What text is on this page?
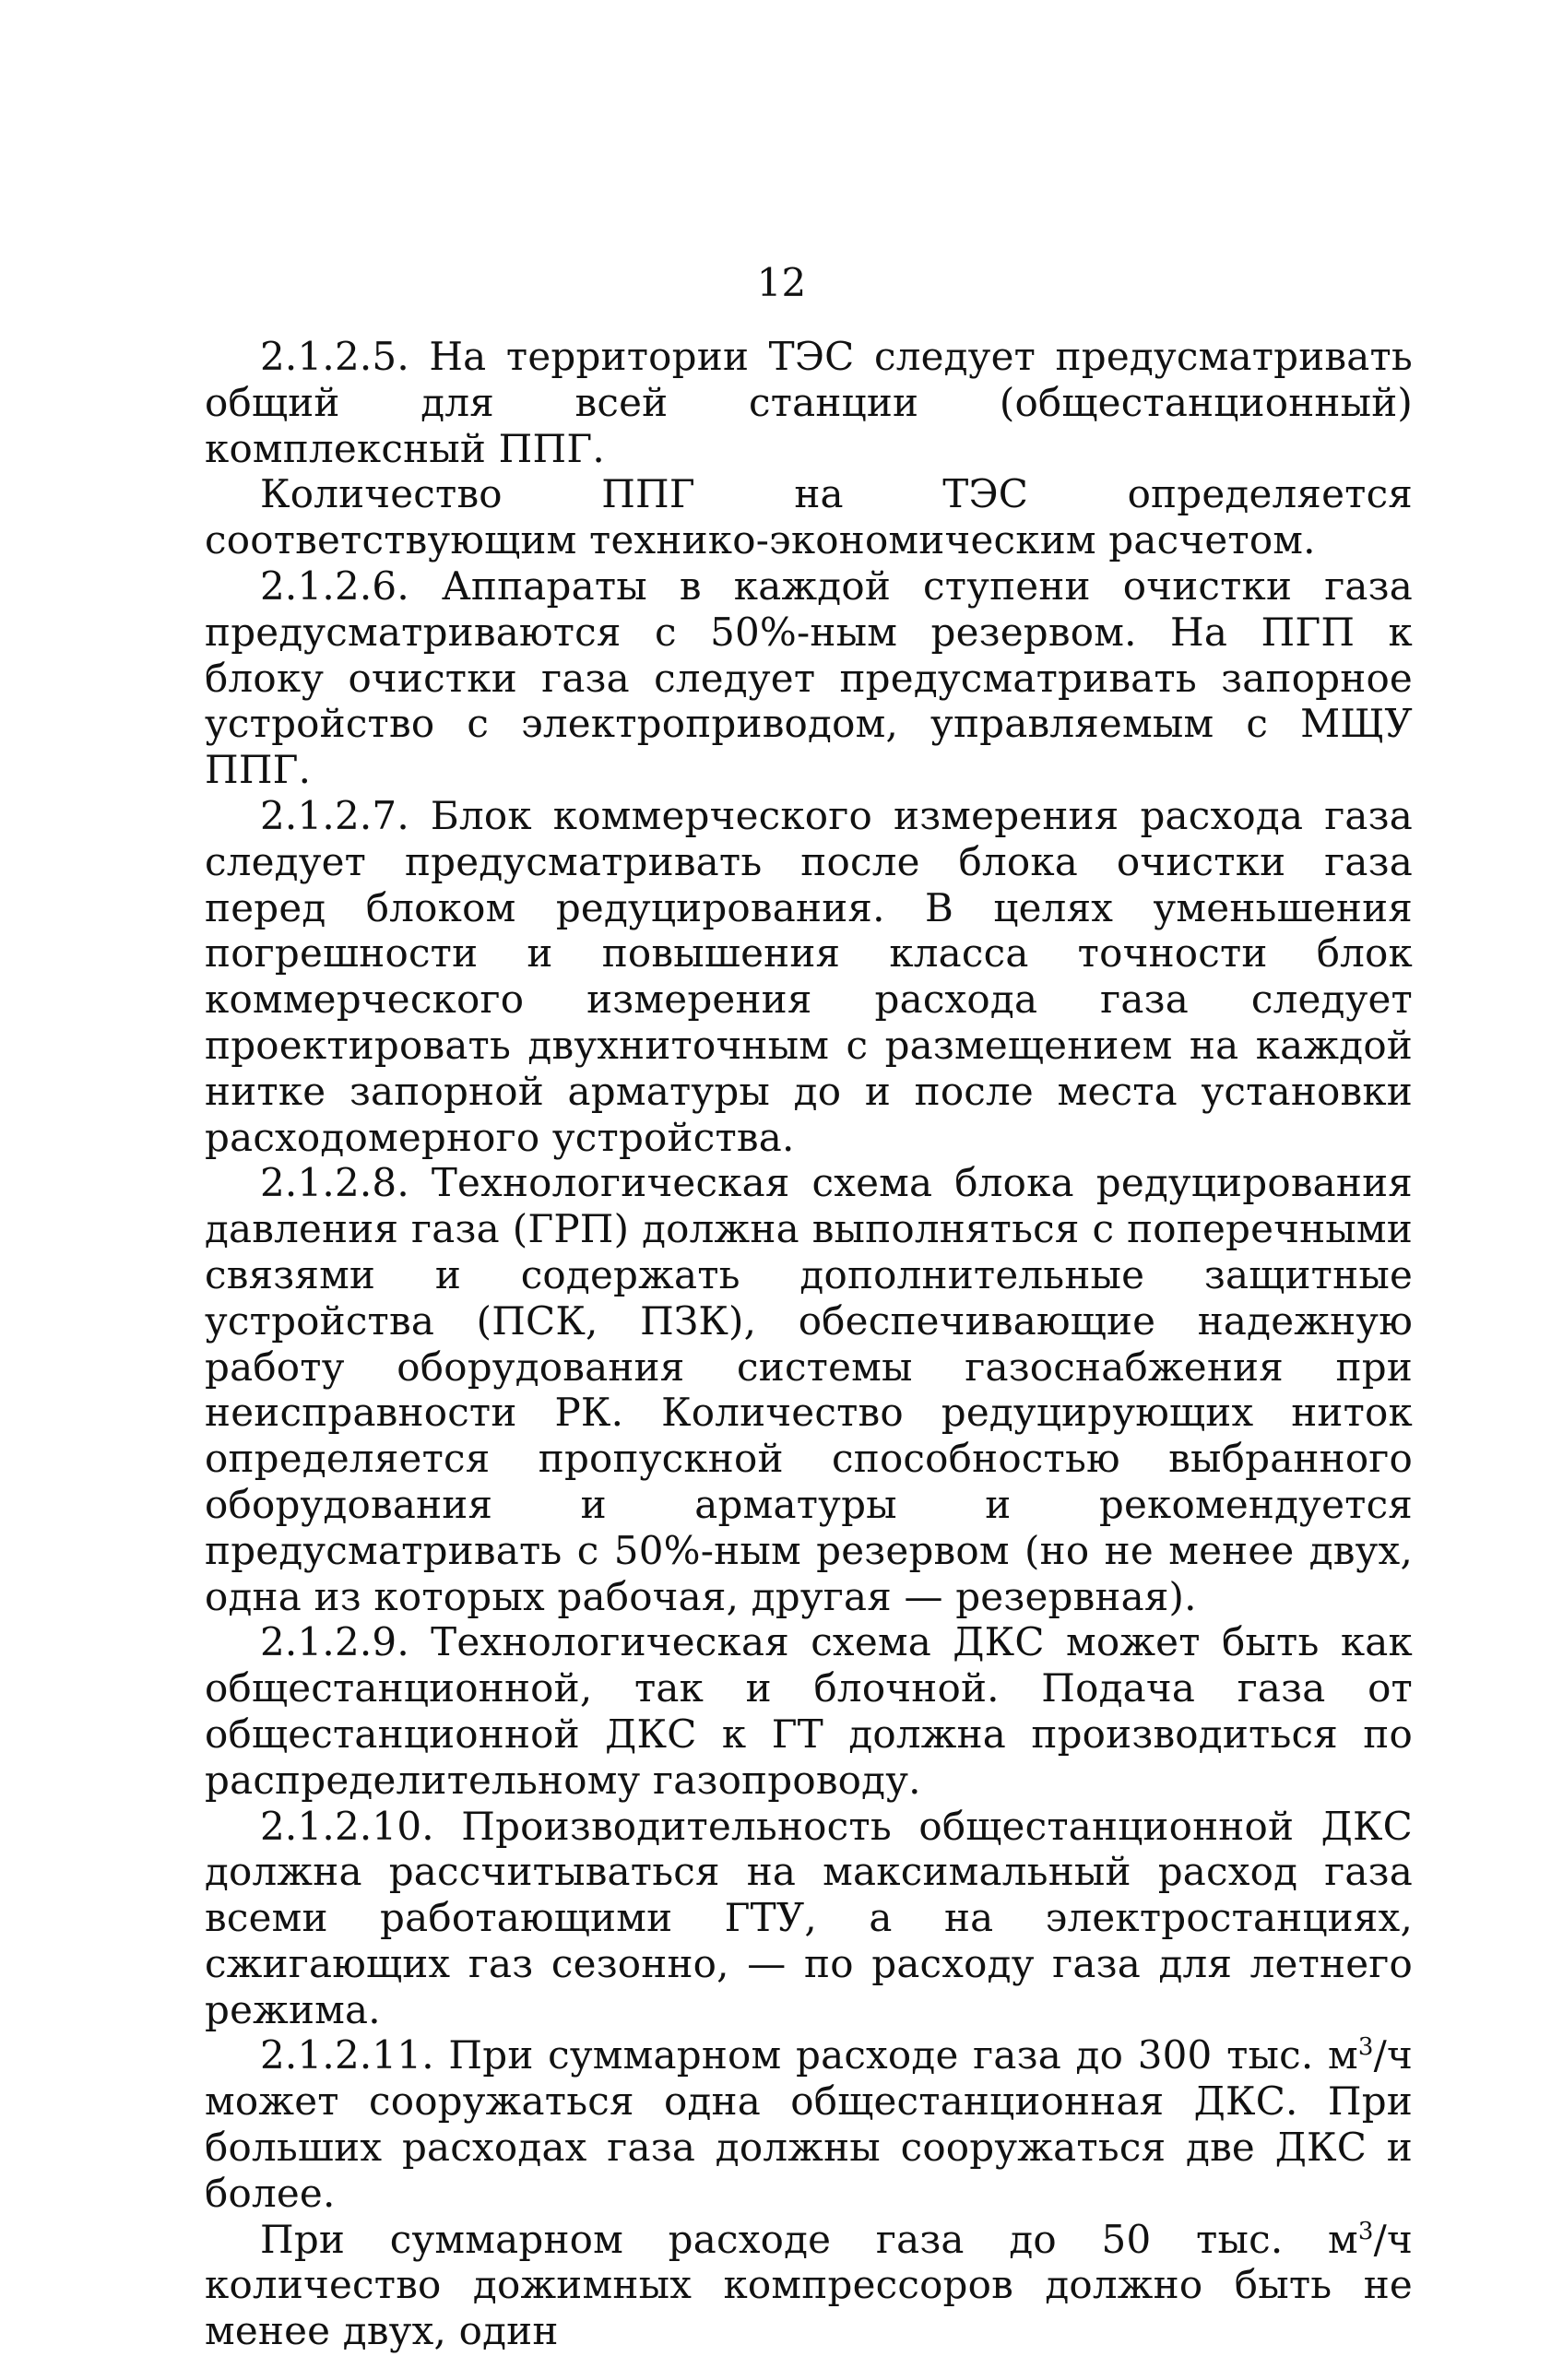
12

2.1.2.5. На территории ТЭС следует предусматривать общий для всей станции (общестанционный) комплексный ППГ.

Количество ППГ на ТЭС определяется соответствующим технико-экономическим расчетом.

2.1.2.6. Аппараты в каждой ступени очистки газа предусматриваются с 50%-ным резервом. На ПГП к блоку очистки газа следует предусматривать запорное устройство с электроприводом, управляемым с МЩУ ППГ.

2.1.2.7. Блок коммерческого измерения расхода газа следует предусматривать после блока очистки газа перед блоком редуцирования. В целях уменьшения погрешности и повышения класса точности блок коммерческого измерения расхода газа следует проектировать двухниточным с размещением на каждой нитке запорной арматуры до и после места установки расходомерного устройства.

2.1.2.8. Технологическая схема блока редуцирования давления газа (ГРП) должна выполняться с поперечными связями и содержать дополнительные защитные устройства (ПСК, ПЗК), обеспечивающие надежную работу оборудования системы газоснабжения при неисправности РК. Количество редуцирующих ниток определяется пропускной способностью выбранного оборудования и арматуры и рекомендуется предусматривать с 50%-ным резервом (но не менее двух, одна из которых рабочая, другая — резервная).

2.1.2.9. Технологическая схема ДКС может быть как общестанционной, так и блочной. Подача газа от общестанционной ДКС к ГТ должна производиться по распределительному газопроводу.

2.1.2.10. Производительность общестанционной ДКС должна рассчитываться на максимальный расход газа всеми работающими ГТУ, а на электростанциях, сжигающих газ сезонно, — по расходу газа для летнего режима.

2.1.2.11. При суммарном расходе газа до 300 тыс. $м^3/ч$ может сооружаться одна общестанционная ДКС. При больших расходах газа должны сооружаться две ДКС и более.

При суммарном расходе газа до 50 тыс. $м^3/ч$ количество дожимных компрессоров должно быть не менее двух, один
